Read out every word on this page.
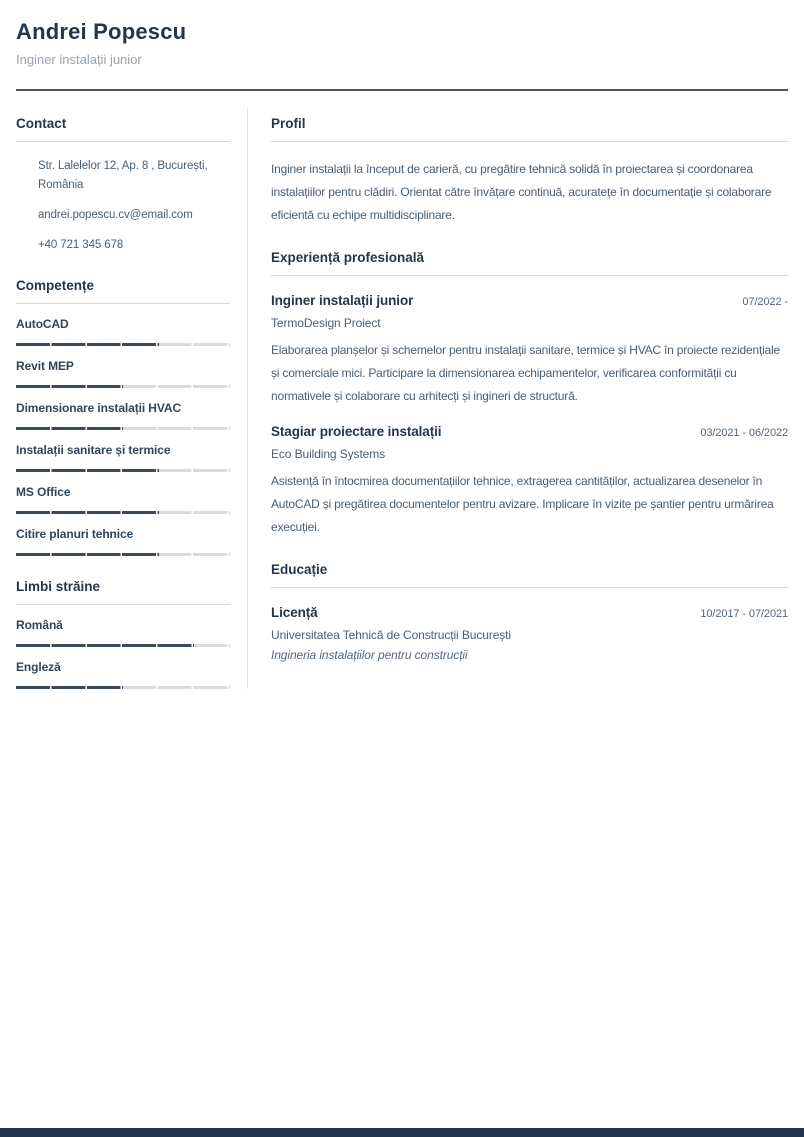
Andrei Popescu
Inginer instalații junior
Contact
Str. Lalelelor 12, Ap. 8 , București, România
andrei.popescu.cv@email.com
+40 721 345 678
Competențe
AutoCAD
Revit MEP
Dimensionare instalații HVAC
Instalații sanitare și termice
MS Office
Citire planuri tehnice
Limbi străine
Română
Engleză
Profil

Inginer instalații la început de carieră, cu pregătire tehnică solidă în proiectarea și coordonarea instalațiilor pentru clădiri. Orientat către învățare continuă, acuratețe în documentație și colaborare eficientă cu echipe multidisciplinare.

Experiență profesională
Inginer instalații junior	07/2022 -
TermoDesign Proiect

Elaborarea planșelor și schemelor pentru instalații sanitare, termice și HVAC în proiecte rezidențiale și comerciale mici. Participare la dimensionarea echipamentelor, verificarea conformității cu normativele și colaborare cu arhitecți și ingineri de structură.

Stagiar proiectare instalații	03/2021 - 06/2022
Eco Building Systems

Asistență în întocmirea documentațiilor tehnice, extragerea cantităților, actualizarea desenelor în AutoCAD și pregătirea documentelor pentru avizare. Implicare în vizite pe șantier pentru urmărirea execuției.

Educație
Licență	10/2017 - 07/2021
Universitatea Tehnică de Construcții București
Ingineria instalațiilor pentru construcții
